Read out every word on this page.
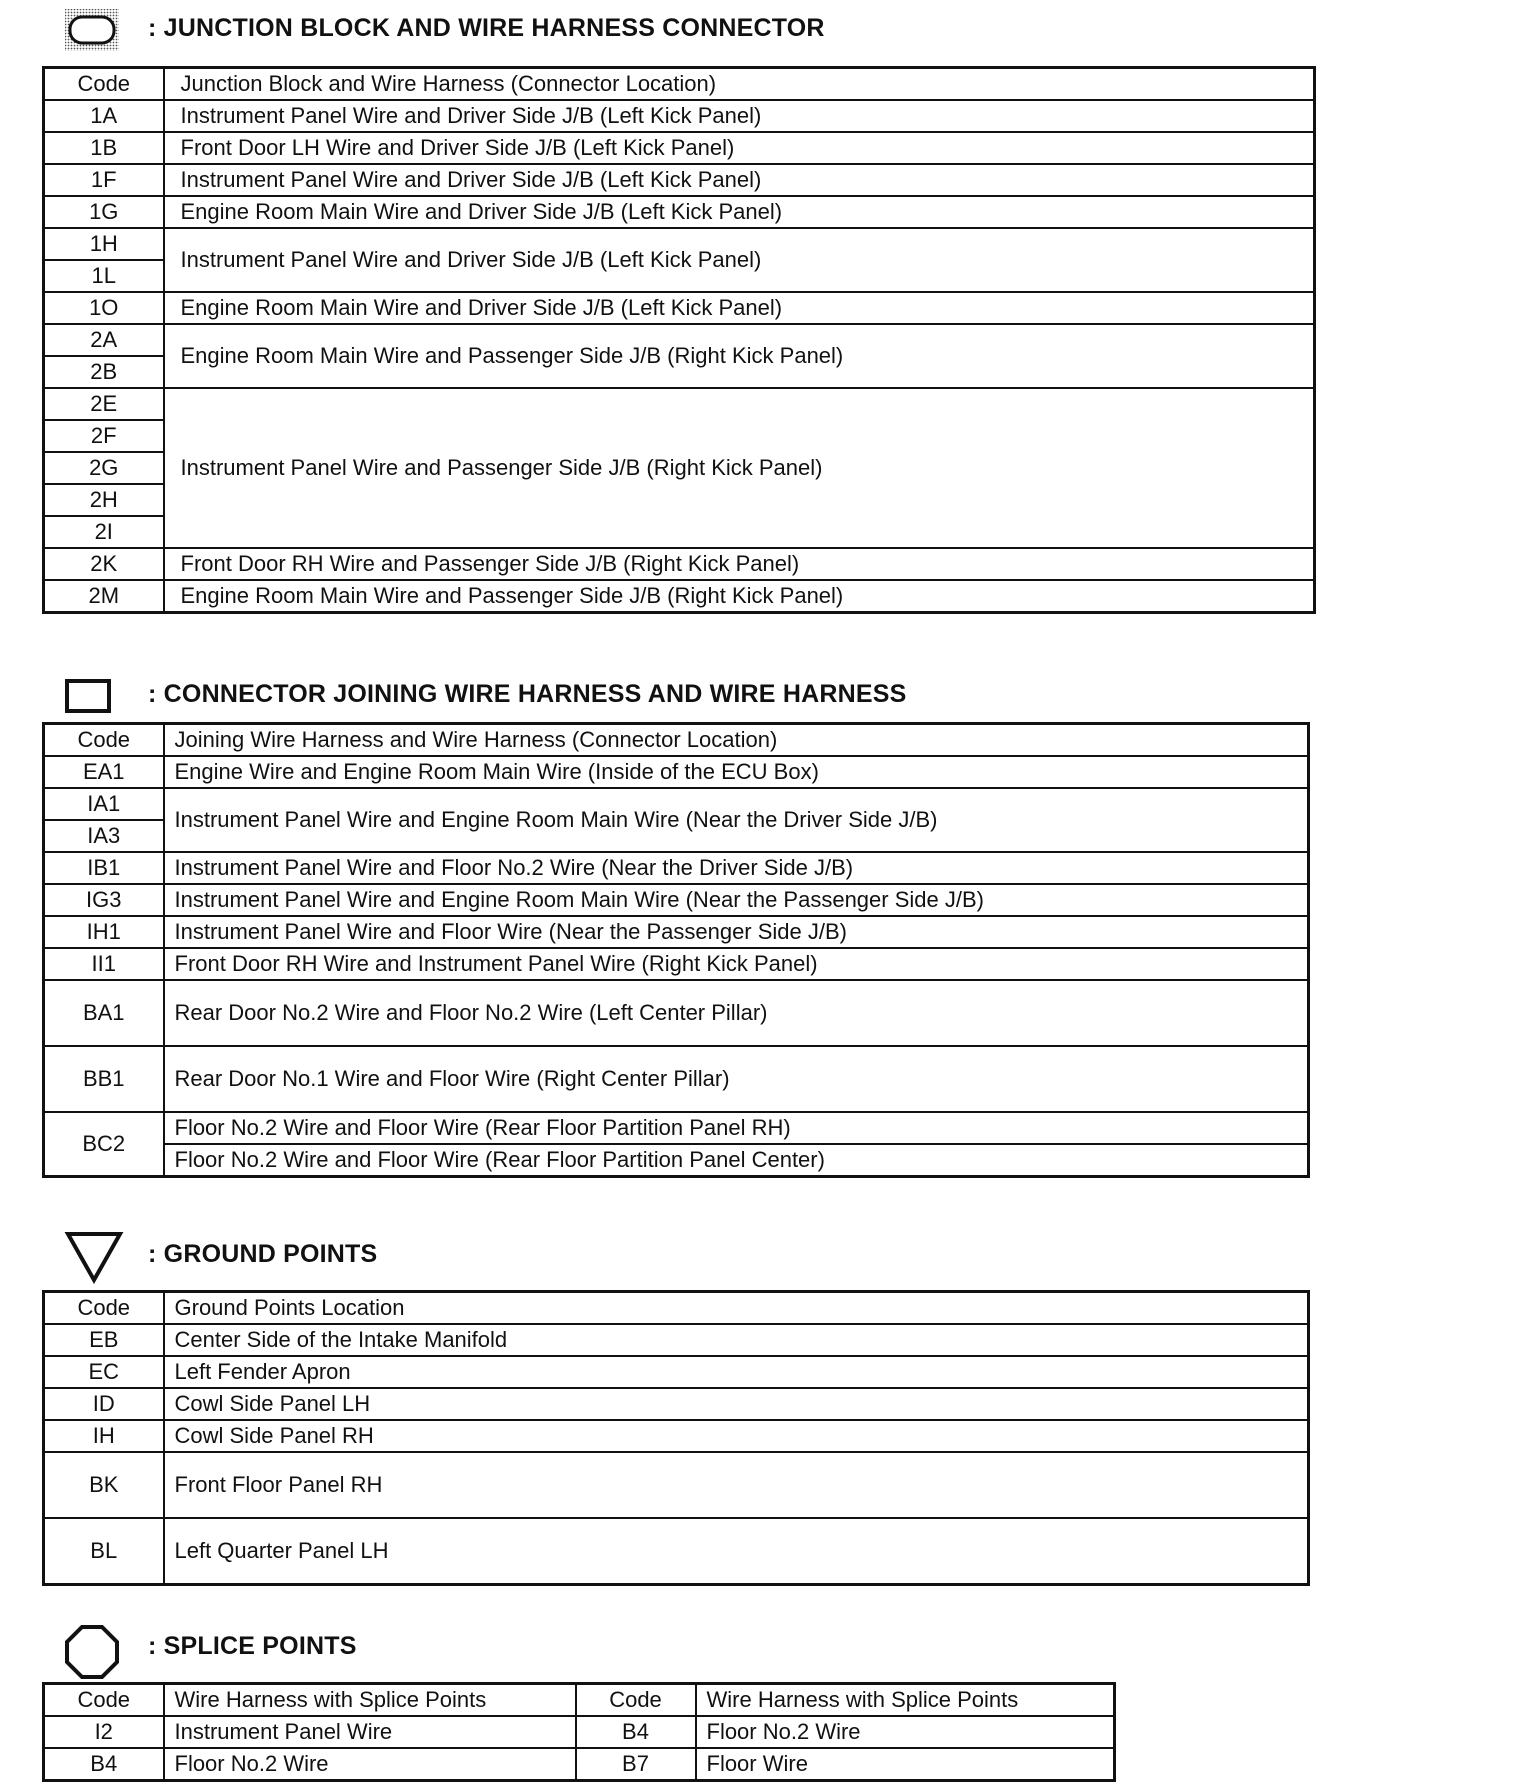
: JUNCTION BLOCK AND WIRE HARNESS CONNECTOR
Code	Junction Block and Wire Harness (Connector Location)
1A	Instrument Panel Wire and Driver Side J/B (Left Kick Panel)
1B	Front Door LH Wire and Driver Side J/B (Left Kick Panel)
1F	Instrument Panel Wire and Driver Side J/B (Left Kick Panel)
1G	Engine Room Main Wire and Driver Side J/B (Left Kick Panel)
1H	Instrument Panel Wire and Driver Side J/B (Left Kick Panel)
1L	
1O	Engine Room Main Wire and Driver Side J/B (Left Kick Panel)
2A	Engine Room Main Wire and Passenger Side J/B (Right Kick Panel)
2B	
2E	Instrument Panel Wire and Passenger Side J/B (Right Kick Panel)
2F	
2G	
2H	
2I	
2K	Front Door RH Wire and Passenger Side J/B (Right Kick Panel)
2M	Engine Room Main Wire and Passenger Side J/B (Right Kick Panel)
: CONNECTOR JOINING WIRE HARNESS AND WIRE HARNESS
Code	Joining Wire Harness and Wire Harness (Connector Location)
EA1	Engine Wire and Engine Room Main Wire (Inside of the ECU Box)
IA1	Instrument Panel Wire and Engine Room Main Wire (Near the Driver Side J/B)
IA3	
IB1	Instrument Panel Wire and Floor No.2 Wire (Near the Driver Side J/B)
IG3	Instrument Panel Wire and Engine Room Main Wire (Near the Passenger Side J/B)
IH1	Instrument Panel Wire and Floor Wire (Near the Passenger Side J/B)
II1	Front Door RH Wire and Instrument Panel Wire (Right Kick Panel)
BA1	Rear Door No.2 Wire and Floor No.2 Wire (Left Center Pillar)
BB1	Rear Door No.1 Wire and Floor Wire (Right Center Pillar)
BC2	Floor No.2 Wire and Floor Wire (Rear Floor Partition Panel RH)
	Floor No.2 Wire and Floor Wire (Rear Floor Partition Panel Center)
: GROUND POINTS
Code	Ground Points Location
EB	Center Side of the Intake Manifold
EC	Left Fender Apron
ID	Cowl Side Panel LH
IH	Cowl Side Panel RH
BK	Front Floor Panel RH
BL	Left Quarter Panel LH
: SPLICE POINTS
Code	Wire Harness with Splice Points	Code	Wire Harness with Splice Points
I2	Instrument Panel Wire	B4	Floor No.2 Wire
B4	Floor No.2 Wire	B7	Floor Wire
